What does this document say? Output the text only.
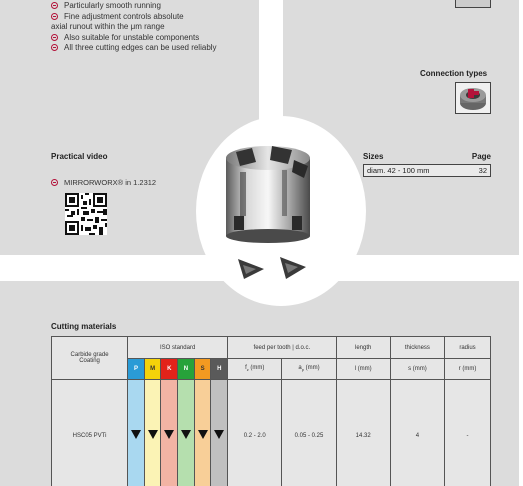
Particularly smooth running
Fine adjustment controls absolute
axial runout within the μm range
Also suitable for unstable components
All three cutting edges can be used reliably
Connection types
Practical video
MIRRORWORX® in 1.2312
Sizes	Page
diam. 42 - 100 mm	32
Cutting materials
Carbide grade
Coating	ISO standard						feed per tooth | d.o.c.		length	thickness	radius
	P	M	K	N	S	H	$f_z$ (mm)	$a_p$ (mm)	l (mm)	s (mm)	r (mm)
HSC05 PVTi							0.2 - 2.0	0.05 - 0.25	14.32	4	-
